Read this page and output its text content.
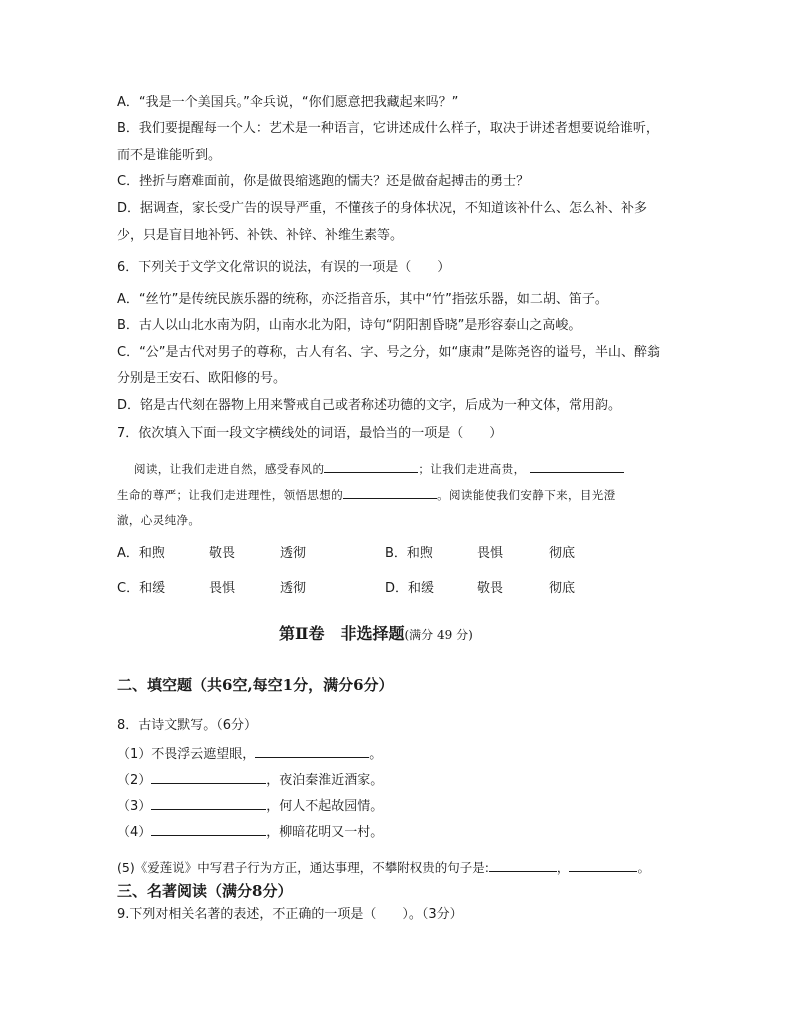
A．“我是一个美国兵。”伞兵说，“你们愿意把我藏起来吗？”
B．我们要提醒每一个人：艺术是一种语言，它讲述成什么样子，取决于讲述者想要说给谁听，
而不是谁能听到。
C．挫折与磨难面前，你是做畏缩逃跑的懦夫？还是做奋起搏击的勇士？
D．据调查，家长受广告的误导严重，不懂孩子的身体状况，不知道该补什么、怎么补、补多
少，只是盲目地补钙、补铁、补锌、补维生素等。
6．下列关于文学文化常识的说法，有误的一项是（　　）
A．“丝竹”是传统民族乐器的统称，亦泛指音乐，其中“竹”指弦乐器，如二胡、笛子。
B．古人以山北水南为阴，山南水北为阳，诗句“阴阳割昏晓”是形容泰山之高峻。
C．“公”是古代对男子的尊称，古人有名、字、号之分，如“康肃”是陈尧咨的谥号，半山、醉翁
分别是王安石、欧阳修的号。
D．铭是古代刻在器物上用来警戒自己或者称述功德的文字，后成为一种文体，常用韵。
7．依次填入下面一段文字横线处的词语，最恰当的一项是（　　）
阅读，让我们走进自然，感受春风的	；让我们走进高贵，
生命的尊严；让我们走进理性，领悟思想的	。阅读能使我们安静下来，目光澄
澈，心灵纯净。
A．和煦	敬畏	透彻	B．和煦	畏惧	彻底
C．和缓	畏惧	透彻	D．和缓	敬畏	彻底
第Ⅱ卷　非选择题(满分 49 分)
二、填空题（共6空,每空1分，满分6分）
8．古诗文默写。（6分）
（1）不畏浮云遮望眼，	。
（2）	，夜泊秦淮近酒家。
（3）	，何人不起故园情。
（4）	，柳暗花明又一村。
(5)《爱莲说》中写君子行为方正，通达事理，不攀附权贵的句子是:	，	。
三、名著阅读（满分8分）
9.下列对相关名著的表述，不正确的一项是（　　）。（3分）
